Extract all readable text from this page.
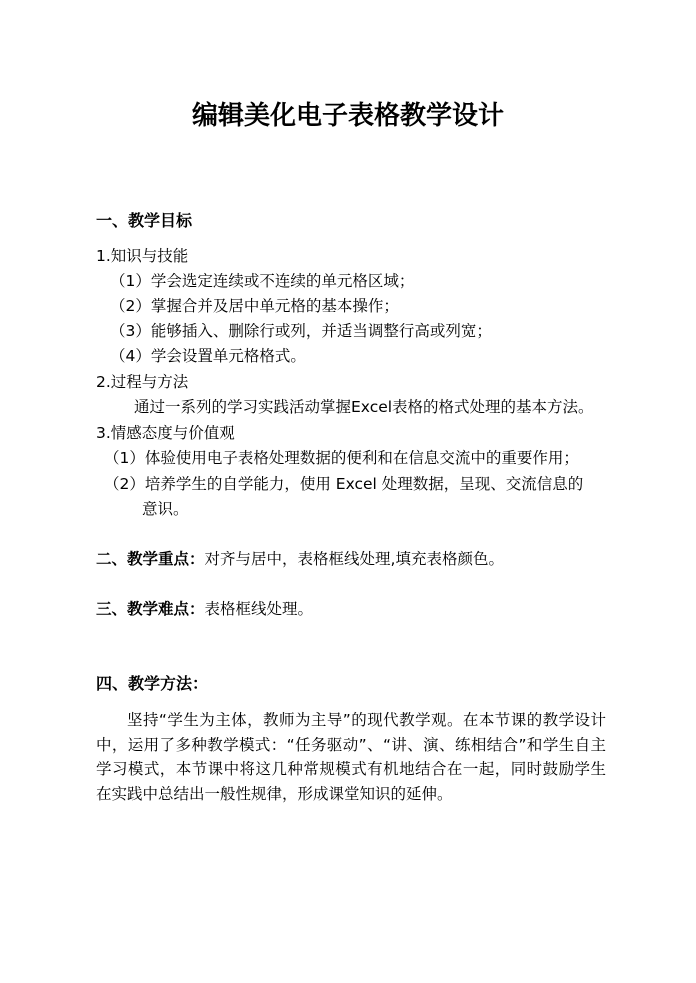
编辑美化电子表格教学设计
一、教学目标
1.知识与技能
（1）学会选定连续或不连续的单元格区域；
（2）掌握合并及居中单元格的基本操作；
（3）能够插入、删除行或列，并适当调整行高或列宽；
（4）学会设置单元格格式。
2.过程与方法
通过一系列的学习实践活动掌握Excel表格的格式处理的基本方法。
3.情感态度与价值观
（1）体验使用电子表格处理数据的便利和在信息交流中的重要作用；
（2）培养学生的自学能力，使用 Excel 处理数据，呈现、交流信息的
意识。
二、教学重点：对齐与居中，表格框线处理,填充表格颜色。
三、教学难点：表格框线处理。
四、教学方法：
坚持“学生为主体，教师为主导”的现代教学观。在本节课的教学设计中，运用了多种教学模式：“任务驱动”、“讲、演、练相结合”和学生自主学习模式，本节课中将这几种常规模式有机地结合在一起，同时鼓励学生在实践中总结出一般性规律，形成课堂知识的延伸。
